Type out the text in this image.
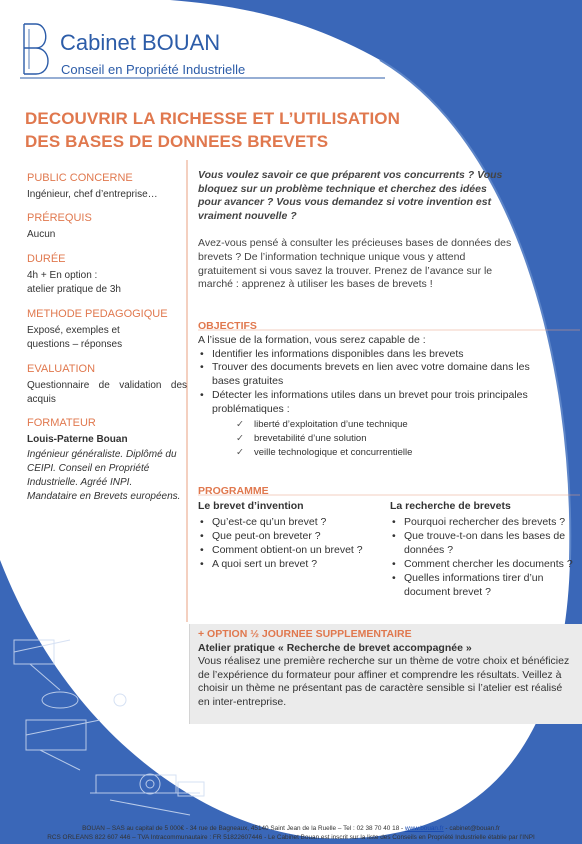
Cabinet BOUAN
Conseil en Propriété Industrielle
DECOUVRIR LA RICHESSE ET L’UTILISATION
DES BASES DE DONNEES BREVETS
PUBLIC CONCERNE

Ingénieur, chef d’entreprise…

PRÉREQUIS

Aucun

DURÉE

4h + En option :

atelier pratique de 3h
METHODE PEDAGOGIQUE

Exposé, exemples et questions – réponses

EVALUATION

Questionnaire de validation des acquis

FORMATEUR

Louis-Paterne Bouan

Ingénieur généraliste. Diplômé du CEIPI. Conseil en Propriété Industrielle. Agréé INPI. Mandataire en Brevets européens.
Vous voulez savoir ce que préparent vos concurrents ? Vous bloquez sur un problème technique et cherchez des idées pour avancer ? Vous vous demandez si votre invention est vraiment nouvelle ?
Avez-vous pensé à consulter les précieuses bases de données des brevets ? De l’information technique unique vous y attend gratuitement si vous savez la trouver. Prenez de l’avance sur le marché : apprenez à utiliser les bases de brevets !
OBJECTIFS
A l’issue de la formation, vous serez capable de :
• Identifier les informations disponibles dans les brevets
• Trouver des documents brevets en lien avec votre domaine dans les bases gratuites
• Détecter les informations utiles dans un brevet pour trois principales problématiques :
✓ liberté d’exploitation d’une technique
✓ brevetabilité d’une solution
✓ veille technologique et concurrentielle
PROGRAMME
Le brevet d’invention
• Qu’est-ce qu’un brevet ?
• Que peut-on breveter ?
• Comment obtient-on un brevet ?
• A quoi sert un brevet ?
La recherche de brevets
• Pourquoi rechercher des brevets ?
• Que trouve-t-on dans les bases de données ?
• Comment chercher les documents ?
• Quelles informations tirer d’un document brevet ?
+ OPTION ½ JOURNEE SUPPLEMENTAIRE
Atelier pratique « Recherche de brevet accompagnée »
Vous réalisez une première recherche sur un thème de votre choix et bénéficiez de l’expérience du formateur pour affiner et comprendre les résultats. Veillez à choisir un thème ne présentant pas de caractère sensible si l’atelier est réalisé en inter-entreprise.
BOUAN – SAS au capital de 5 000€ - 34 rue de Bagneaux, 45140 Saint Jean de la Ruelle – Tel : 02 38 70 40 18 - www.bouan.fr - cabinet@bouan.fr
RCS ORLEANS 822 607 446 – TVA Intracommunautaire : FR 51822607446 - Le Cabinet Bouan est inscrit sur la liste des Conseils en Propriété Industrielle établie par l’INPI
